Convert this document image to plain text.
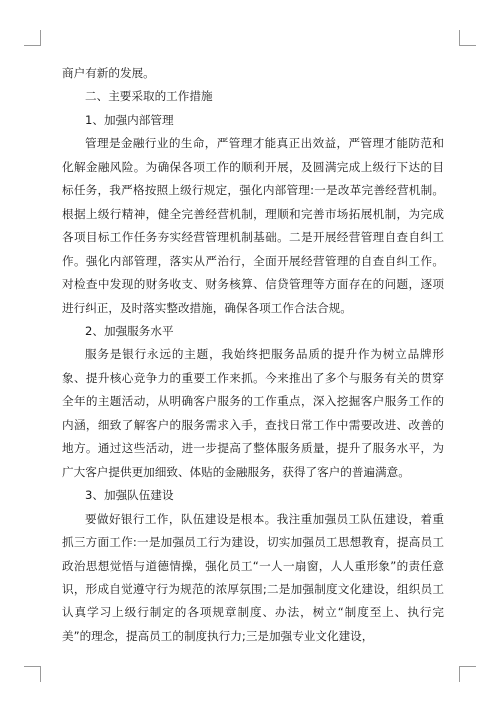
商户有新的发展。

二、主要采取的工作措施

1、加强内部管理

管理是金融行业的生命，严管理才能真正出效益，严管理才能防范和化解金融风险。为确保各项工作的顺利开展，及圆满完成上级行下达的目标任务，我严格按照上级行规定，强化内部管理:一是改革完善经营机制。根据上级行精神，健全完善经营机制，理顺和完善市场拓展机制，为完成各项目标工作任务夯实经营管理机制基础。二是开展经营管理自查自纠工作。强化内部管理，落实从严治行，全面开展经营管理的自查自纠工作。对检查中发现的财务收支、财务核算、信贷管理等方面存在的问题，逐项进行纠正，及时落实整改措施，确保各项工作合法合规。

2、加强服务水平

服务是银行永远的主题，我始终把服务品质的提升作为树立品牌形象、提升核心竞争力的重要工作来抓。今来推出了多个与服务有关的贯穿全年的主题活动，从明确客户服务的工作重点，深入挖掘客户服务工作的内涵，细致了解客户的服务需求入手，查找日常工作中需要改进、改善的地方。通过这些活动，进一步提高了整体服务质量，提升了服务水平，为广大客户提供更加细致、体贴的金融服务，获得了客户的普遍满意。

3、加强队伍建设

要做好银行工作，队伍建设是根本。我注重加强员工队伍建设，着重抓三方面工作:一是加强员工行为建设，切实加强员工思想教育，提高员工政治思想觉悟与道德情操，强化员工“一人一扇窗，人人重形象”的责任意识，形成自觉遵守行为规范的浓厚氛围;二是加强制度文化建设，组织员工认真学习上级行制定的各项规章制度、办法，树立“制度至上、执行完美”的理念，提高员工的制度执行力;三是加强专业文化建设，
